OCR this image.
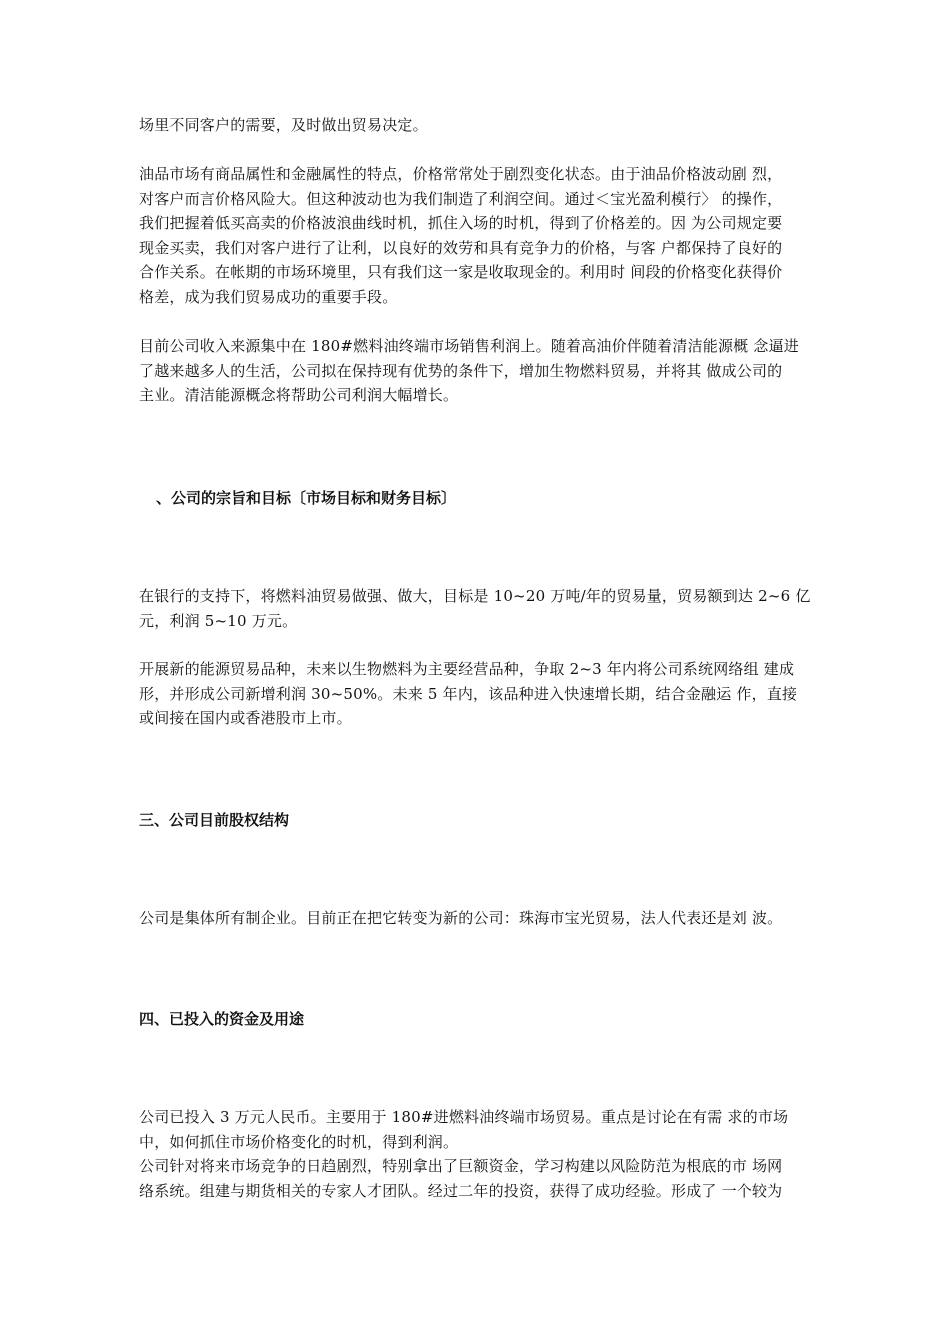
场里不同客户的需要，及时做出贸易决定。

油品市场有商品属性和金融属性的特点，价格常常处于剧烈变化状态。由于油品价格波动剧 烈，
对客户而言价格风险大。但这种波动也为我们制造了利润空间。通过＜宝光盈利模行〉 的操作，
我们把握着低买高卖的价格波浪曲线时机，抓住入场的时机，得到了价格差的。因 为公司规定要
现金买卖，我们对客户进行了让利，以良好的效劳和具有竞争力的价格，与客 户都保持了良好的
合作关系。在帐期的市场环境里，只有我们这一家是收取现金的。利用时 间段的价格变化获得价
格差，成为我们贸易成功的重要手段。

目前公司收入来源集中在 180#燃料油终端市场销售利润上。随着高油价伴随着清洁能源概 念逼进
了越来越多人的生活，公司拟在保持现有优势的条件下，增加生物燃料贸易，并将其 做成公司的
主业。清洁能源概念将帮助公司利润大幅增长。

、公司的宗旨和目标〔市场目标和财务目标〕

在银行的支持下，将燃料油贸易做强、做大，目标是 10~20 万吨/年的贸易量，贸易额到达 2~6 亿
元，利润 5~10 万元。

开展新的能源贸易品种，未来以生物燃料为主要经营品种，争取 2~3 年内将公司系统网络组 建成
形，并形成公司新增利润 30~50%。未来 5 年内，该品种进入快速增长期，结合金融运 作，直接
或间接在国内或香港股市上市。

三、公司目前股权结构

公司是集体所有制企业。目前正在把它转变为新的公司：珠海市宝光贸易，法人代表还是刘 波。

四、已投入的资金及用途

公司已投入 3 万元人民币。主要用于 180#进燃料油终端市场贸易。重点是讨论在有需 求的市场
中，如何抓住市场价格变化的时机，得到利润。
公司针对将来市场竞争的日趋剧烈，特别拿出了巨额资金，学习构建以风险防范为根底的市 场网
络系统。组建与期货相关的专家人才团队。经过二年的投资，获得了成功经验。形成了 一个较为
